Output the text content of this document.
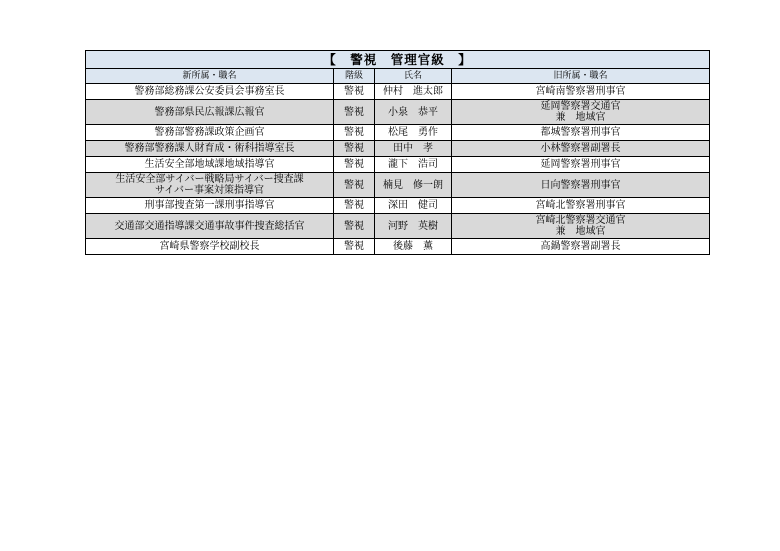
【　警視　管理官級　】			
新所属・職名	階級	氏名	旧所属・職名
警務部総務課公安委員会事務室長	警視	仲村　進太郎	宮崎南警察署刑事官
警務部県民広報課広報官	警視	小泉　恭平	延岡警察署交通官
兼　地域官
警務部警務課政策企画官	警視	松尾　勇作	都城警察署刑事官
警務部警務課人財育成・術科指導室長	警視	田中　孝	小林警察署副署長
生活安全部地域課地域指導官	警視	瀧下　浩司	延岡警察署刑事官
生活安全部サイバー戦略局サイバー捜査課
サイバー事案対策指導官	警視	楠見　修一朗	日向警察署刑事官
刑事部捜査第一課刑事指導官	警視	深田　健司	宮崎北警察署刑事官
交通部交通指導課交通事故事件捜査総括官	警視	河野　英樹	宮崎北警察署交通官
兼　地域官
宮崎県警察学校副校長	警視	後藤　薫	高鍋警察署副署長
